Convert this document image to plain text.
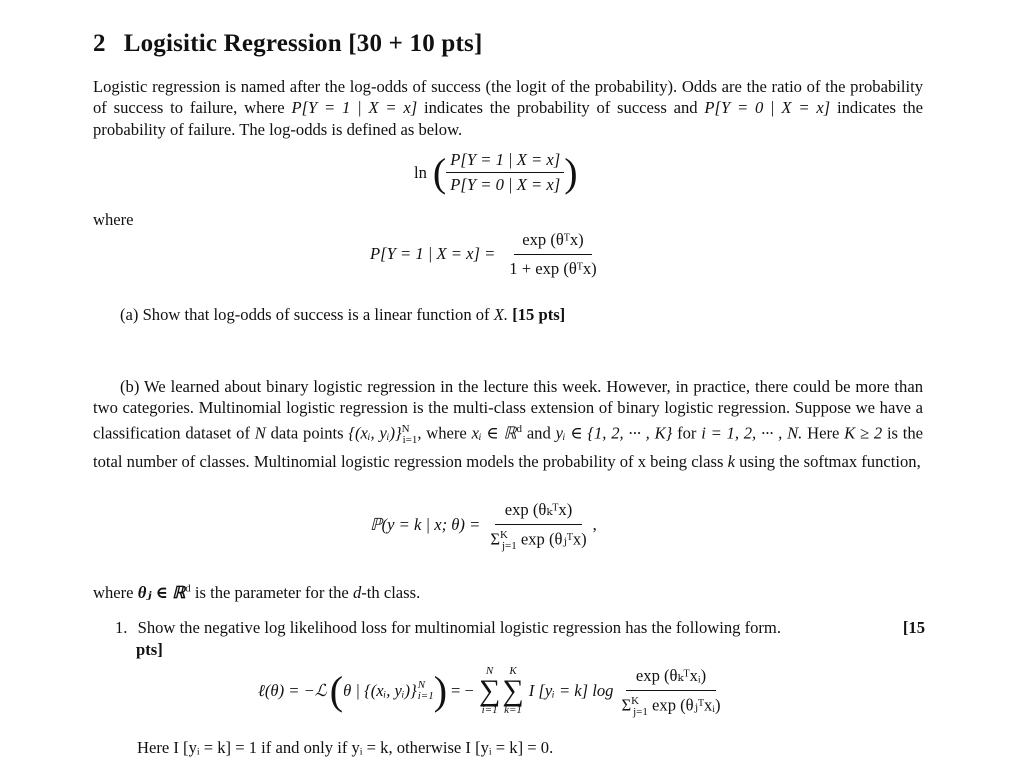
2 Logisitic Regression [30 + 10 pts]
Logistic regression is named after the log-odds of success (the logit of the probability). Odds are the ratio of the probability of success to failure, where P[Y = 1 | X = x] indicates the probability of success and P[Y = 0 | X = x] indicates the probability of failure. The log-odds is defined as below.
ln ( $\frac{P[Y = 1 | X = x]}{P[Y = 0 | X = x]}$ )
where
P[Y = 1 | $X = x] = \frac{\text{exp (θᵀx)}}{\text{1 + exp (θᵀx)}}$
(a) Show that log-odds of success is a linear function of X. [15 pts]
(b) We learned about binary logistic regression in the lecture this week. However, in practice, there could be more than two categories. Multinomial logistic regression is the multi-class extension of binary logistic regression. Suppose we have a classification dataset of N data points {(xᵢ, yᵢ)}$^N_{i=1}$, where xᵢ ∈ ℝ$^d$ and yᵢ ∈ {1, 2, ··· , K} for i = 1, 2, ··· , N. Here K ≥ 2 is the total number of classes. Multinomial logistic regression models the probability of x being class k using the softmax function,
ℙ(y = k | x; $\theta) = \frac{\text{exp (θₖᵀx)}}{\Sigma^K_{j=1} \exp (\theta ⱼᵀx)}$ ,
where θⱼ ∈ ℝ$^d$ is the parameter for the d-th class.
1. Show the negative log likelihood loss for multinomial logistic regression has the following form.	[15
pts]
ℓ(θ) = −ℒ ( θ | {(xᵢ, yᵢ)} N
i=1 ) = −
N
∑
i=1
K
∑
k=1
I [yᵢ = k] $\log \frac{\text{exp (θₖᵀxᵢ)}}{\Sigma^K_{j=1} \exp (\theta ⱼᵀxᵢ)}$
Here I [yᵢ = k] = 1 if and only if yᵢ = k, otherwise I [yᵢ = k] = 0.
